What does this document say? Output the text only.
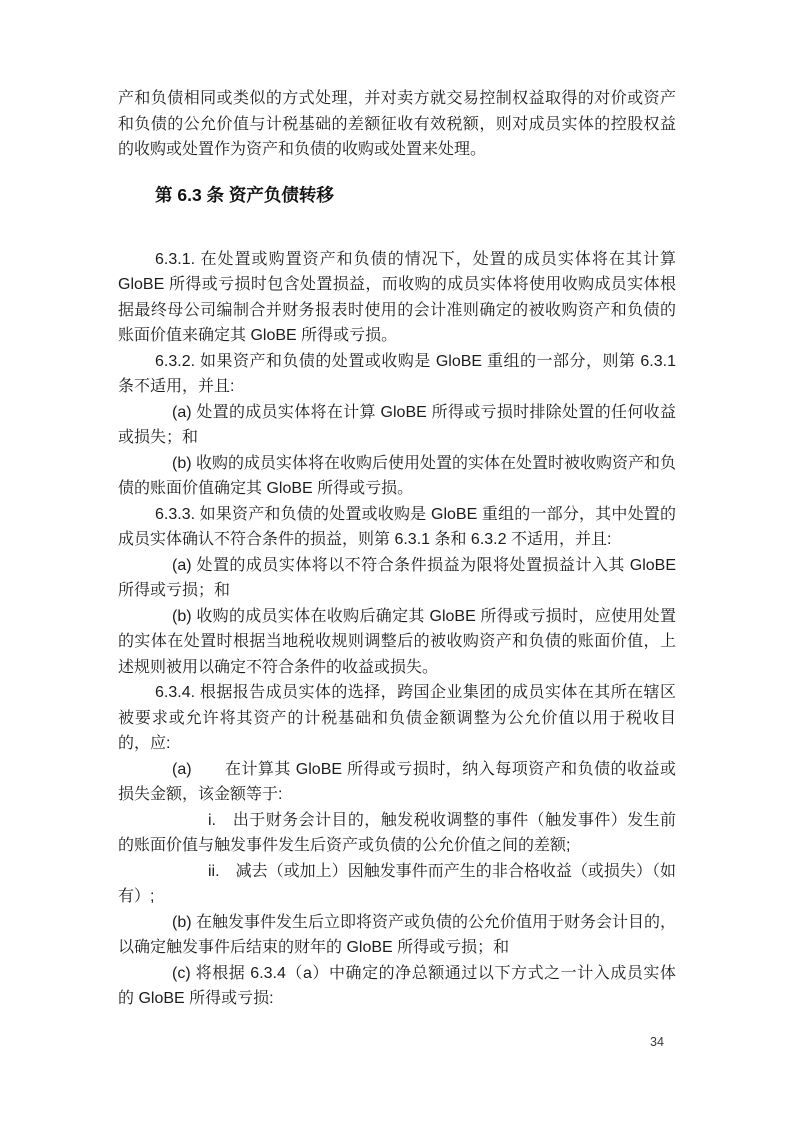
产和负债相同或类似的方式处理，并对卖方就交易控制权益取得的对价或资产和负债的公允价值与计税基础的差额征收有效税额，则对成员实体的控股权益的收购或处置作为资产和负债的收购或处置来处理。

第 6.3 条 资产负债转移

6.3.1. 在处置或购置资产和负债的情况下，处置的成员实体将在其计算 GloBE 所得或亏损时包含处置损益，而收购的成员实体将使用收购成员实体根据最终母公司编制合并财务报表时使用的会计准则确定的被收购资产和负债的账面价值来确定其 GloBE 所得或亏损。

6.3.2. 如果资产和负债的处置或收购是 GloBE 重组的一部分，则第 6.3.1 条不适用，并且:

(a) 处置的成员实体将在计算 GloBE 所得或亏损时排除处置的任何收益或损失；和

(b) 收购的成员实体将在收购后使用处置的实体在处置时被收购资产和负债的账面价值确定其 GloBE 所得或亏损。

6.3.3. 如果资产和负债的处置或收购是 GloBE 重组的一部分，其中处置的成员实体确认不符合条件的损益，则第 6.3.1 条和 6.3.2 不适用，并且:

(a) 处置的成员实体将以不符合条件损益为限将处置损益计入其 GloBE 所得或亏损；和

(b) 收购的成员实体在收购后确定其 GloBE 所得或亏损时，应使用处置的实体在处置时根据当地税收规则调整后的被收购资产和负债的账面价值，上述规则被用以确定不符合条件的收益或损失。

6.3.4. 根据报告成员实体的选择，跨国企业集团的成员实体在其所在辖区被要求或允许将其资产的计税基础和负债金额调整为公允价值以用于税收目的，应:

(a)　　在计算其 GloBE 所得或亏损时，纳入每项资产和负债的收益或损失金额，该金额等于:

i.　出于财务会计目的，触发税收调整的事件（触发事件）发生前的账面价值与触发事件发生后资产或负债的公允价值之间的差额;

ii.　减去（或加上）因触发事件而产生的非合格收益（或损失）（如有）;

(b) 在触发事件发生后立即将资产或负债的公允价值用于财务会计目的，以确定触发事件后结束的财年的 GloBE 所得或亏损；和

(c) 将根据 6.3.4（a）中确定的净总额通过以下方式之一计入成员实体的 GloBE 所得或亏损:

34
